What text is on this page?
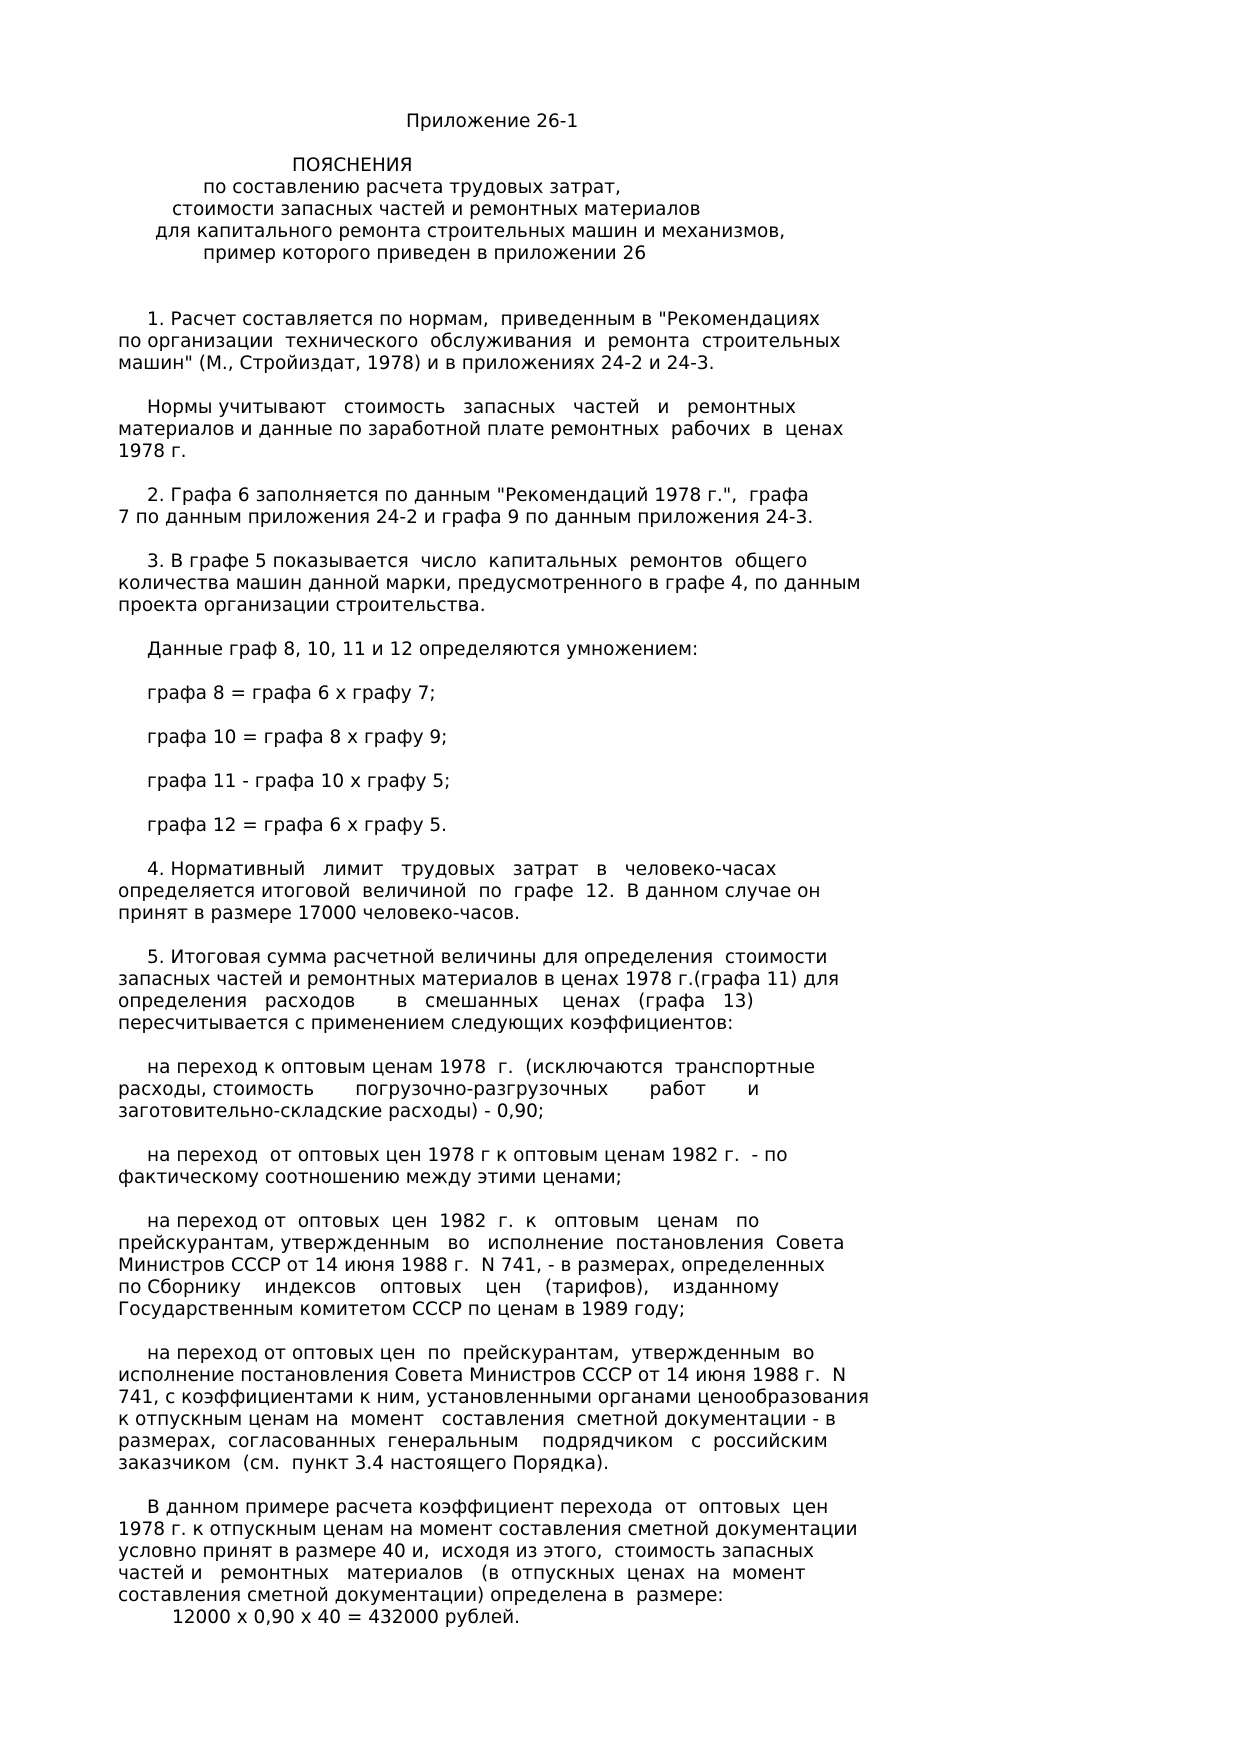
Приложение 26-1
ПОЯСНЕНИЯ
по составлению расчета трудовых затрат,
стоимости запасных частей и ремонтных материалов
для капитального ремонта строительных машин и механизмов,
пример которого приведен в приложении 26
1. Расчет составляется по нормам,  приведенным в "Рекомендациях
по организации  технического  обслуживания  и  ремонта  строительных
машин" (М., Стройиздат, 1978) и в приложениях 24-2 и 24-3.
Нормы учитывают   стоимость   запасных   частей   и   ремонтных
материалов и данные по заработной плате ремонтных  рабочих  в  ценах
1978 г.
2. Графа 6 заполняется по данным "Рекомендаций 1978 г.",  графа
7 по данным приложения 24-2 и графа 9 по данным приложения 24-3.
3. В графе 5 показывается  число  капитальных  ремонтов  общего
количества машин данной марки, предусмотренного в графе 4, по данным
проекта организации строительства.
Данные граф 8, 10, 11 и 12 определяются умножением:
графа 8 = графа 6 х графу 7;
графа 10 = графа 8 х графу 9;
графа 11 - графа 10 х графу 5;
графа 12 = графа 6 х графу 5.
4. Нормативный   лимит   трудовых   затрат   в   человеко-часах
определяется итоговой  величиной  по  графе  12.  В данном случае он
принят в размере 17000 человеко-часов.
5. Итоговая сумма расчетной величины для определения  стоимости
запасных частей и ремонтных материалов в ценах 1978 г.(графа 11) для
определения   расходов       в   смешанных    ценах   (графа   13)
пересчитывается с применением следующих коэффициентов:
на переход к оптовым ценам 1978  г.  (исключаются  транспортные
расходы, стоимость       погрузочно-разгрузочных       работ       и
заготовительно-складские расходы) - 0,90;
на переход  от оптовых цен 1978 г к оптовым ценам 1982 г.  - по
фактическому соотношению между этими ценами;
на переход от  оптовых  цен  1982  г.  к   оптовым   ценам   по
прейскурантам, утвержденным   во   исполнение  постановления  Совета
Министров СССР от 14 июня 1988 г.  N 741, - в размерах, определенных
по Сборнику    индексов    оптовых    цен    (тарифов),    изданному
Государственным комитетом СССР по ценам в 1989 году;
на переход от оптовых цен  по  прейскурантам,  утвержденным  во
исполнение постановления Совета Министров СССР от 14 июня 1988 г.  N
741, с коэффициентами к ним, установленными органами ценообразования
к отпускным ценам на  момент   составления  сметной документации - в
размерах,  согласованных  генеральным    подрядчиком   с  российским
заказчиком  (см.  пункт 3.4 настоящего Порядка).
В данном примере расчета коэффициент перехода  от  оптовых  цен
1978 г. к отпускным ценам на момент составления сметной документации
условно принят в размере 40 и,  исходя из этого,  стоимость запасных
частей и   ремонтных   материалов   (в  отпускных  ценах  на  момент
составления сметной документации) определена в  размере:
12000 х 0,90 х 40 = 432000 рублей.
